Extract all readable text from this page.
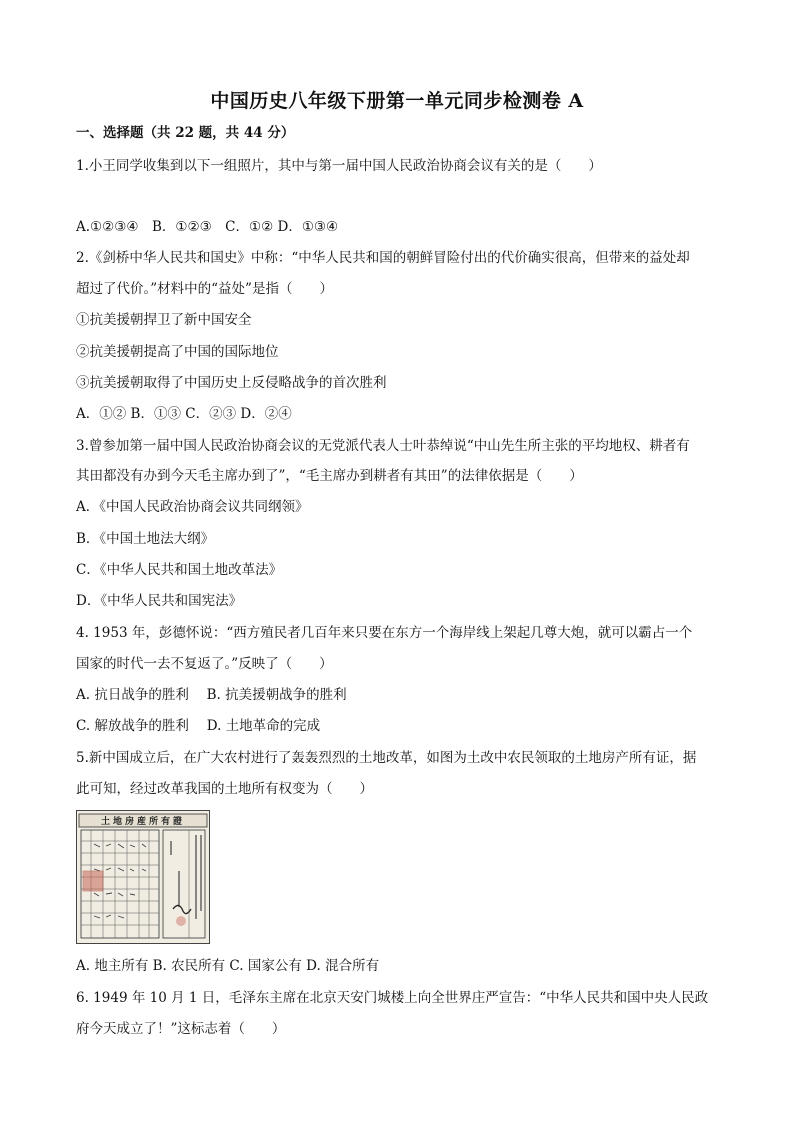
中国历史八年级下册第一单元同步检测卷 A
一、选择题（共 22 题，共 44 分）
1.小王同学收集到以下一组照片，其中与第一届中国人民政治协商会议有关的是（　　）
A.①②③④　B．①②③　C．①② D．①③④
2.《剑桥中华人民共和国史》中称：“中华人民共和国的朝鲜冒险付出的代价确实很高，但带来的益处却
超过了代价。”材料中的“益处”是指（　　）
①抗美援朝捍卫了新中国安全
②抗美援朝提高了中国的国际地位
③抗美援朝取得了中国历史上反侵略战争的首次胜利
A．①② B．①③ C．②③ D．②④
3.曾参加第一届中国人民政治协商会议的无党派代表人士叶恭绰说“中山先生所主张的平均地权、耕者有
其田都没有办到今天毛主席办到了”，“毛主席办到耕者有其田”的法律依据是（　　）
A．《中国人民政治协商会议共同纲领》
B．《中国土地法大纲》
C．《中华人民共和国土地改革法》
D．《中华人民共和国宪法》
4. 1953 年，彭德怀说：“西方殖民者几百年来只要在东方一个海岸线上架起几尊大炮，就可以霸占一个
国家的时代一去不复返了。”反映了（　　）
A. 抗日战争的胜利　 B. 抗美援朝战争的胜利
C. 解放战争的胜利　 D. 土地革命的完成
5.新中国成立后，在广大农村进行了轰轰烈烈的土地改革，如图为土改中农民领取的土地房产所有证，据
此可知，经过改革我国的土地所有权变为（　　）
土地房産所有證
A. 地主所有 B. 农民所有 C. 国家公有 D. 混合所有
6. 1949 年 10 月 1 日，毛泽东主席在北京天安门城楼上向全世界庄严宣告：“中华人民共和国中央人民政
府今天成立了！”这标志着（　　）
